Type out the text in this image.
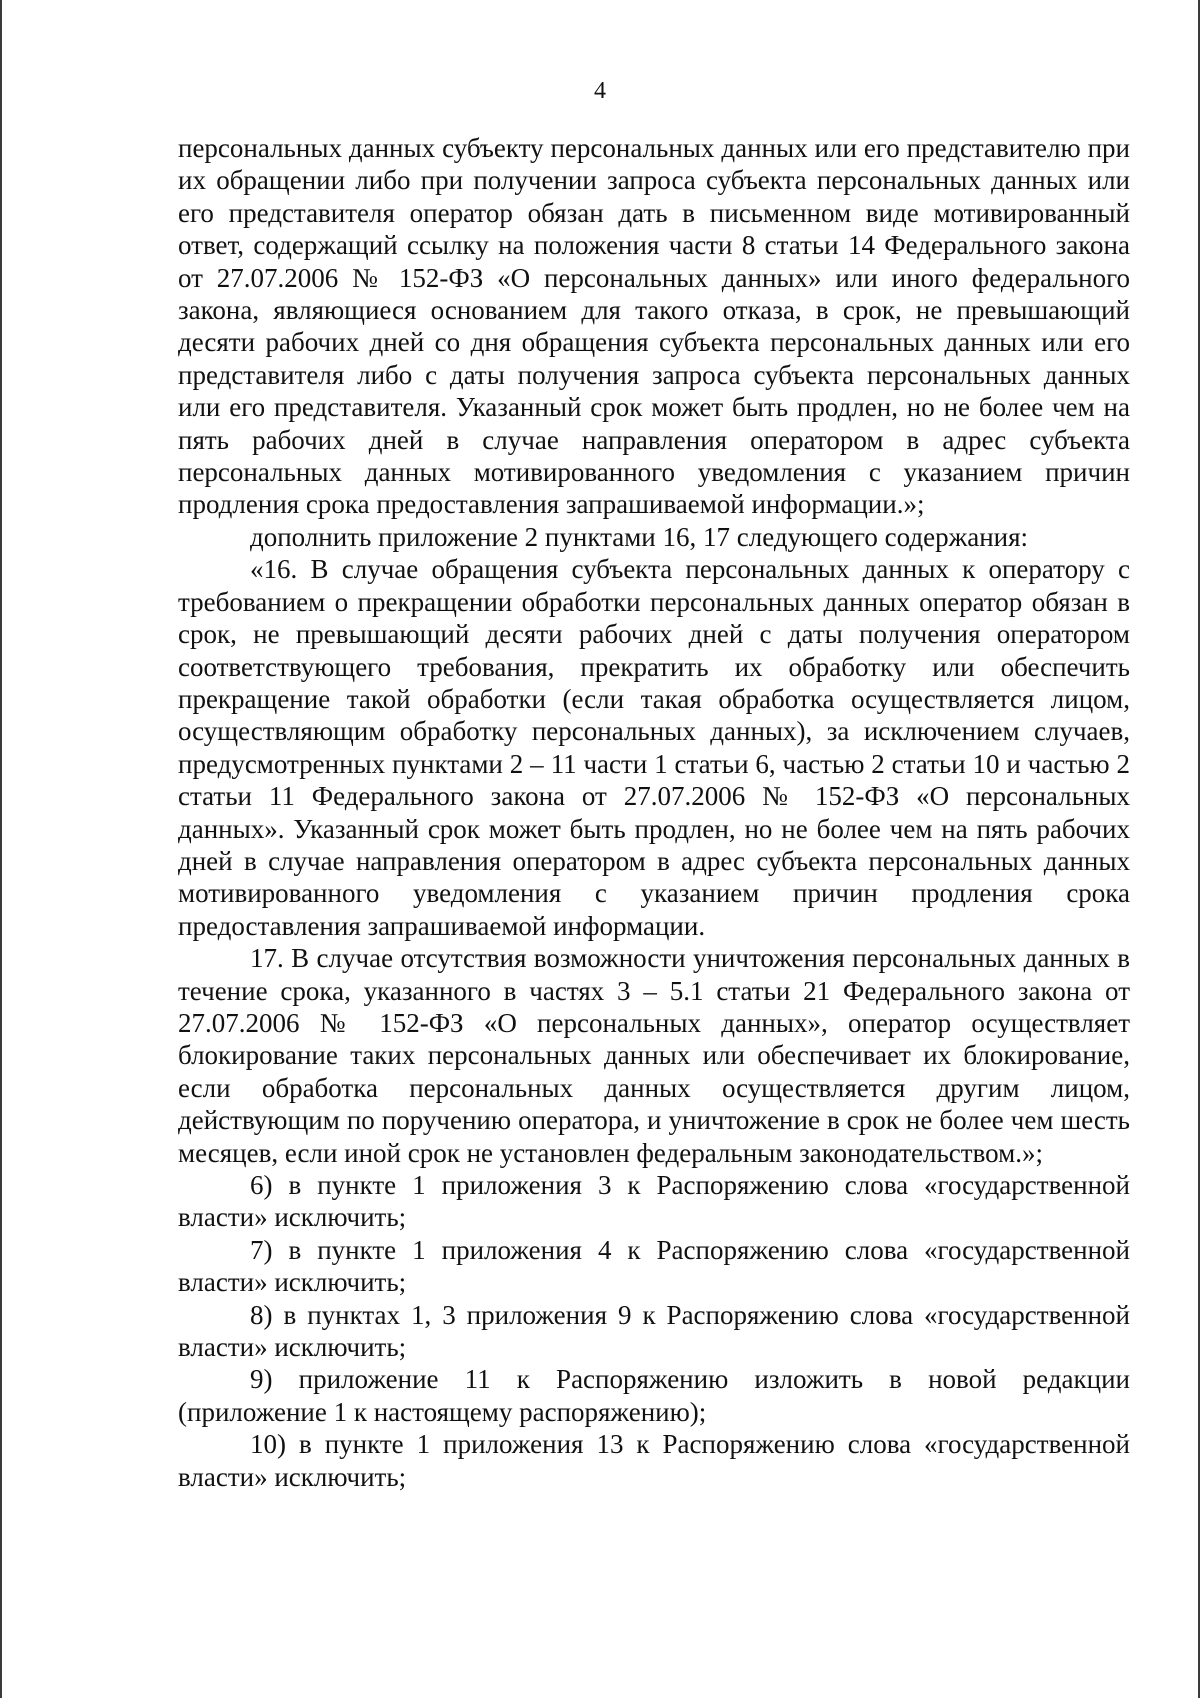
4

персональных данных субъекту персональных данных или его представителю при их обращении либо при получении запроса субъекта персональных данных или его представителя оператор обязан дать в письменном виде мотивированный ответ, содержащий ссылку на положения части 8 статьи 14 Федерального закона от 27.07.2006 № 152-ФЗ «О персональных данных» или иного федерального закона, являющиеся основанием для такого отказа, в срок, не превышающий десяти рабочих дней со дня обращения субъекта персональных данных или его представителя либо с даты получения запроса субъекта персональных данных или его представителя. Указанный срок может быть продлен, но не более чем на пять рабочих дней в случае направления оператором в адрес субъекта персональных данных мотивированного уведомления с указанием причин продления срока предоставления запрашиваемой информации.»;

дополнить приложение 2 пунктами 16, 17 следующего содержания:

«16. В случае обращения субъекта персональных данных к оператору с требованием о прекращении обработки персональных данных оператор обязан в срок, не превышающий десяти рабочих дней с даты получения оператором соответствующего требования, прекратить их обработку или обеспечить прекращение такой обработки (если такая обработка осуществляется лицом, осуществляющим обработку персональных данных), за исключением случаев, предусмотренных пунктами 2 – 11 части 1 статьи 6, частью 2 статьи 10 и частью 2 статьи 11 Федерального закона от 27.07.2006 № 152-ФЗ «О персональных данных». Указанный срок может быть продлен, но не более чем на пять рабочих дней в случае направления оператором в адрес субъекта персональных данных мотивированного уведомления с указанием причин продления срока предоставления запрашиваемой информации.

17. В случае отсутствия возможности уничтожения персональных данных в течение срока, указанного в частях 3 – 5.1 статьи 21 Федерального закона от 27.07.2006 № 152-ФЗ «О персональных данных», оператор осуществляет блокирование таких персональных данных или обеспечивает их блокирование, если обработка персональных данных осуществляется другим лицом, действующим по поручению оператора, и уничтожение в срок не более чем шесть месяцев, если иной срок не установлен федеральным законодательством.»;

6) в пункте 1 приложения 3 к Распоряжению слова «государственной власти» исключить;

7) в пункте 1 приложения 4 к Распоряжению слова «государственной власти» исключить;

8) в пунктах 1, 3 приложения 9 к Распоряжению слова «государственной власти» исключить;

9) приложение 11 к Распоряжению изложить в новой редакции (приложение 1 к настоящему распоряжению);

10) в пункте 1 приложения 13 к Распоряжению слова «государственной власти» исключить;
